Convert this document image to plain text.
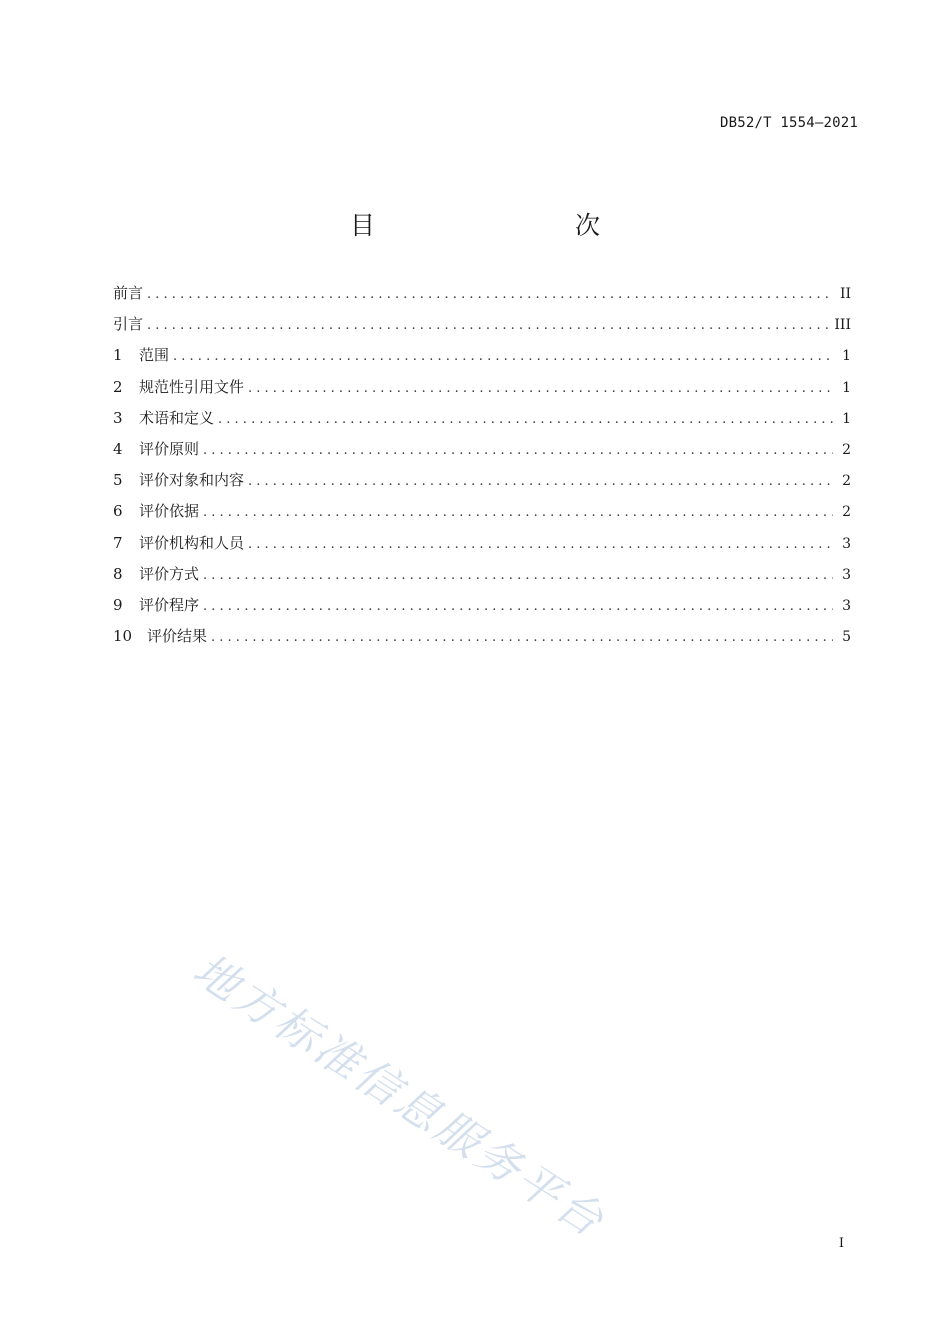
DB52/T 1554—2021
目　　次
前言 . . .	II
引言 . . .	III
1	范围 . . .	1
2	规范性引用文件 . . .	1
3	术语和定义 . . .	1
4	评价原则 . . .	2
5	评价对象和内容 . . .	2
6	评价依据 . . .	2
7	评价机构和人员 . . .	3
8	评价方式 . . .	3
9	评价程序 . . .	3
10 评价结果 . . .	5
地方标准信息服务平台	I
